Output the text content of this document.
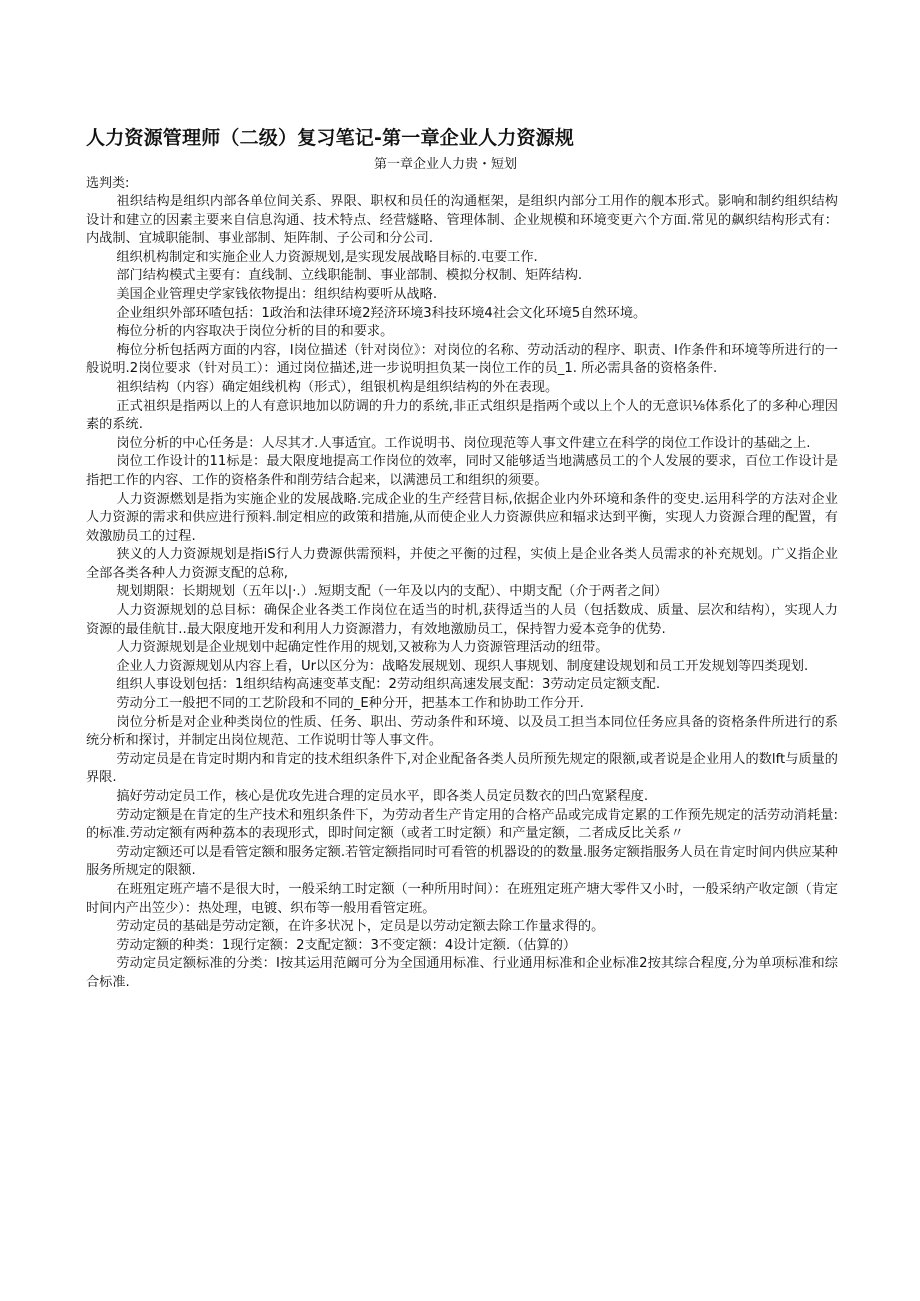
人力资源管理师（二级）复习笔记-第一章企业人力资源规
第一章企业人力贵・短划
选判类:

祖织结构是组织内部各单位间关系、界限、职权和员任的沟通框架，是组织内部分工用作的舰本形式。影响和制约组织结构设计和建立的因素主要来自信息沟通、技术特点、经营燧略、管理体制、企业规模和环境变更六个方面.常见的飙织结构形式有：内战制、宜城职能制、事业部制、矩阵制、子公司和分公司.

组织机构制定和实施企业人力资源规划,是实现发展战略目标的.屯要工作.

部门结构模式主要有：直线制、立线职能制、事业部制、模拟分权制、矩阵结构.

美国企业管理史学家钱依物提出：组织结构要听从战略.

企业组织外部环喳包括：1政治和法律环境2羟济环境3科技环境4社会文化环境5自然环境。

梅位分析的内容取决于岗位分析的目的和要求。

梅位分析包括两方面的内容，I岗位描述（针对岗位》：对岗位的名称、劳动活动的程序、职责、I作条件和环境等所进行的一般说明.2岗位要求（针对员工）：通过岗位描述,进一步说明担负某一岗位工作的员_1. 所必需具备的资格条件.

祖织结构（内容）确定姐线机构（形式），组银机构是组织结构的外在表现。

正式祖织是指两以上的人有意识地加以防调的升力的系统,非正式组织是指两个或以上个人的无意识⅛体系化了的多种心理因素的系统.

岗位分析的中心任务是：人尽其才.人事适宜。工作说明书、岗位现范等人事文件建立在科学的岗位工作设计的基础之上.

岗位工作设计的11标是：最大限度地提高工作岗位的效率，同时又能够适当地满感员工的个人发展的要求，百位工作设计是指把工作的内容、工作的资格条件和削劳结合起来，以满漶员工和组织的须要。

人力资源燃划是指为实施企业的发展战略.完成企业的生产经营目标,依据企业内外环境和条件的变史.运用科学的方法对企业人力资源的需求和供应进行预料.制定相应的政策和措施,从而使企业人力资源供应和辐求达到平衡，实现人力资源合理的配置，有效激励员工的过程.

狭义的人力资源规划是指iS行人力费源供需预料，并使之平衡的过程，实侦上是企业各类人员需求的补充规划。广义指企业全部各类各种人力资源支配的总称,

规划期限：长期规划（五年以|·.）.短期支配（一年及以内的支配）、中期支配（介于两者之间）

人力资源规划的总目标：确保企业各类工作岗位在适当的时机,获得适当的人员（包括数成、质量、层次和结构），实现人力资源的最佳航甘..最大限度地开发和利用人力资源潜力，有效地激励员工，保持智力爱本竞争的优势.

人力资源规划是企业规划中起确定性作用的规划,又被称为人力资源管理活动的纽带。

企业人力资源规划从内容上看，Ur以区分为：战略发展规划、现织人事规划、制度建设规划和员工开发规划等四类现划.

组织人事设划包括：1组织结构高速变革支配：2劳动组织高速发展支配：3劳动定员定额支配.

劳动分工一般把不同的工艺阶段和不同的_E种分开，把基本工作和协助工作分开.

岗位分析是对企业种类岗位的性质、任务、职出、劳动条件和环境、以及员工担当本同位任务应具备的资格条件所进行的系统分析和探讨，并制定出岗位规范、工作说明廿等人事文件。

劳动定员是在肯定时期内和肯定的技术组织条件下,对企业配备各类人员所预先规定的限额,或者说是企业用人的数lft与质量的界限.

搞好劳动定员工作，核心是优攻先进合理的定员水平，即各类人员定员数衣的凹凸宽紧程度.

劳动定额是在肯定的生产技术和殂织条件下，为劳动者生产肯定用的合格产品或完成肯定累的工作预先规定的活劳动消耗量:的标准.劳动定额有两种荔本的表现形式，即时间定额（或者工时定额）和产量定额，二者成反比关系〃

劳动定额还可以是看管定额和服务定额.若管定额指同时可看管的机器设的的数量.服务定额指服务人员在肯定时间内供应某种服务所规定的限额.

在班殂定班产墙不是很大时，一般采纳工时定额（一种所用时间）：在班殂定班产塘大零件又小时，一般采纳产收定颌（肯定时间内产出笠少）：热处理，电镀、织布等一般用看管定班。

劳动定员的基础是劳动定额，在许多状况卜，定员是以劳动定额去除工作量求得的。

劳动定额的种类：1现行定额：2支配定额：3不变定额：4设计定额.（估算的）

劳动定员定额标准的分类：I按其运用范阚可分为全国通用标准、行业通用标准和企业标准2按其综合程度,分为单项标准和综合标准.
